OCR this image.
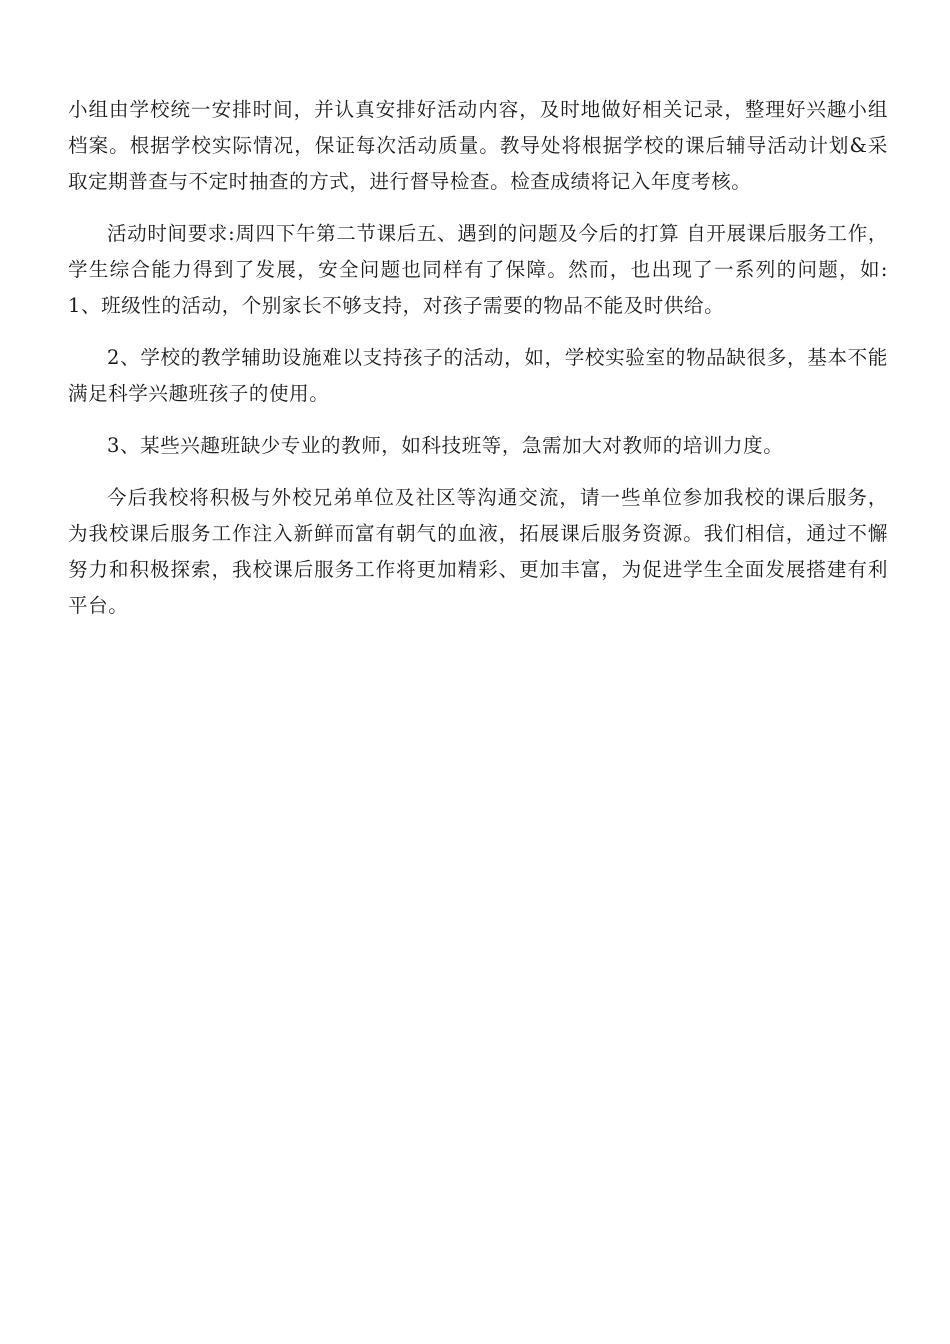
小组由学校统一安排时间，并认真安排好活动内容，及时地做好相关记录，整理好兴趣小组档案。根据学校实际情况，保证每次活动质量。教导处将根据学校的课后辅导活动计划&采取定期普查与不定时抽查的方式，进行督导检查。检查成绩将记入年度考核。

活动时间要求:周四下午第二节课后五、遇到的问题及今后的打算 自开展课后服务工作，学生综合能力得到了发展，安全问题也同样有了保障。然而，也出现了一系列的问题，如: 1、班级性的活动，个别家长不够支持，对孩子需要的物品不能及时供给。

2、学校的教学辅助设施难以支持孩子的活动，如，学校实验室的物品缺很多，基本不能满足科学兴趣班孩子的使用。

3、某些兴趣班缺少专业的教师，如科技班等，急需加大对教师的培训力度。

今后我校将积极与外校兄弟单位及社区等沟通交流，请一些单位参加我校的课后服务，为我校课后服务工作注入新鲜而富有朝气的血液，拓展课后服务资源。我们相信，通过不懈努力和积极探索，我校课后服务工作将更加精彩、更加丰富，为促进学生全面发展搭建有利平台。
